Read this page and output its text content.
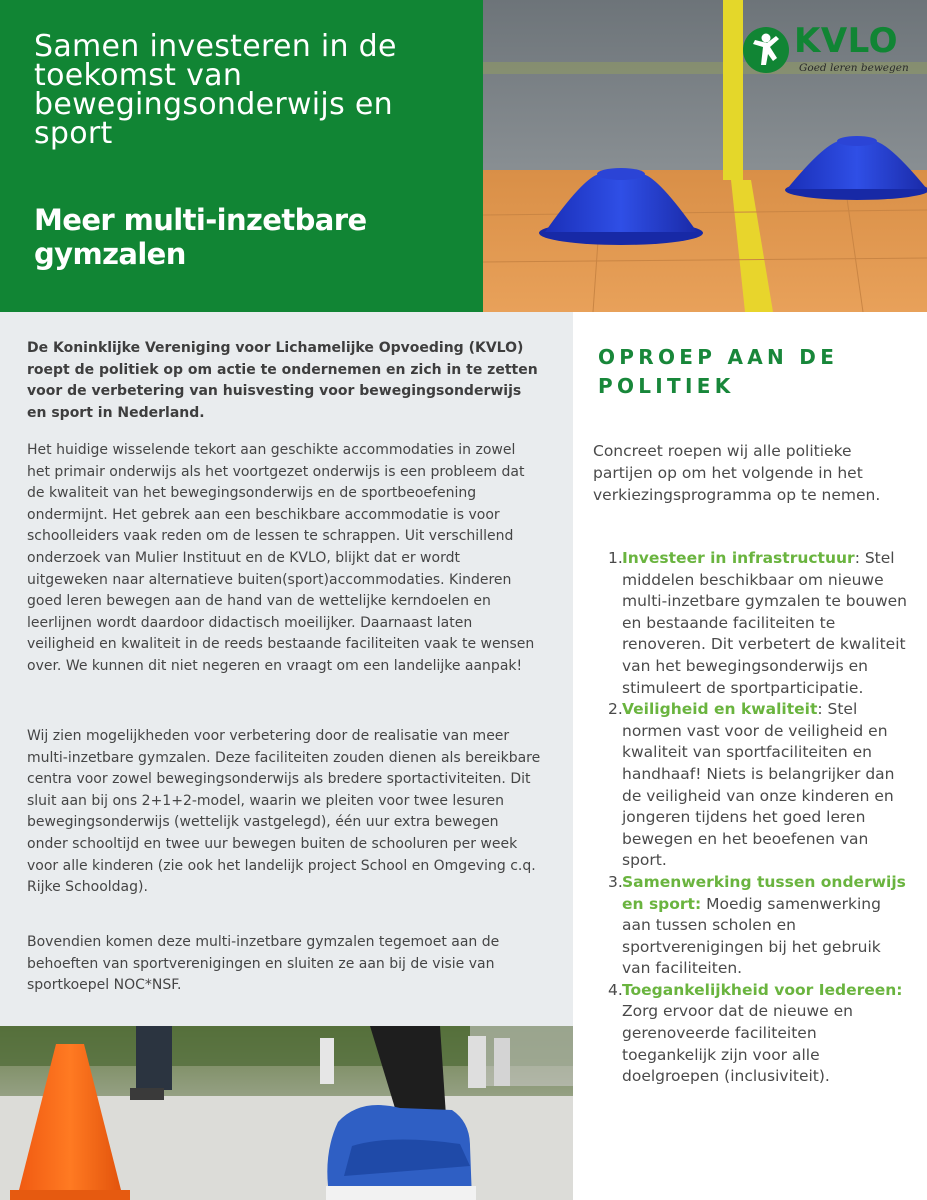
Samen investeren in de toekomst van bewegingsonderwijs en sport
Meer multi-inzetbare gymzalen
KVLO
Goed leren bewegen

De Koninklijke Vereniging voor Lichamelijke Opvoeding (KVLO) roept de politiek op om actie te ondernemen en zich in te zetten voor de verbetering van huisvesting voor bewegingsonderwijs en sport in Nederland.

Het huidige wisselende tekort aan geschikte accommodaties in zowel het primair onderwijs als het voortgezet onderwijs is een probleem dat de kwaliteit van het bewegingsonderwijs en de sportbeoefening ondermijnt. Het gebrek aan een beschikbare accommodatie is voor schoolleiders vaak reden om de lessen te schrappen. Uit verschillend onderzoek van Mulier Instituut en de KVLO, blijkt dat er wordt uitgeweken naar alternatieve buiten(sport)accommodaties. Kinderen goed leren bewegen aan de hand van de wettelijke kerndoelen en leerlijnen wordt daardoor didactisch moeilijker. Daarnaast laten veiligheid en kwaliteit in de reeds bestaande faciliteiten vaak te wensen over. We kunnen dit niet negeren en vraagt om een landelijke aanpak!

Wij zien mogelijkheden voor verbetering door de realisatie van meer multi-inzetbare gymzalen. Deze faciliteiten zouden dienen als bereikbare centra voor zowel bewegingsonderwijs als bredere sportactiviteiten. Dit sluit aan bij ons 2+1+2-model, waarin we pleiten voor twee lesuren bewegingsonderwijs (wettelijk vastgelegd), één uur extra bewegen onder schooltijd en twee uur bewegen buiten de schooluren per week voor alle kinderen (zie ook het landelijk project School en Omgeving c.q. Rijke Schooldag).

Bovendien komen deze multi-inzetbare gymzalen tegemoet aan de behoeften van sportverenigingen en sluiten ze aan bij de visie van sportkoepel NOC*NSF.

OPROEP AAN DE POLITIEK

Concreet roepen wij alle politieke partijen op om het volgende in het verkiezingsprogramma op te nemen.

1. Investeer in infrastructuur: Stel middelen beschikbaar om nieuwe multi-inzetbare gymzalen te bouwen en bestaande faciliteiten te renoveren. Dit verbetert de kwaliteit van het bewegingsonderwijs en stimuleert de sportparticipatie.
2. Veiligheid en kwaliteit: Stel normen vast voor de veiligheid en kwaliteit van sportfaciliteiten en handhaaf! Niets is belangrijker dan de veiligheid van onze kinderen en jongeren tijdens het goed leren bewegen en het beoefenen van sport.
3. Samenwerking tussen onderwijs en sport: Moedig samenwerking aan tussen scholen en sportverenigingen bij het gebruik van faciliteiten.
4. Toegankelijkheid voor Iedereen: Zorg ervoor dat de nieuwe en gerenoveerde faciliteiten toegankelijk zijn voor alle doelgroepen (inclusiviteit).
